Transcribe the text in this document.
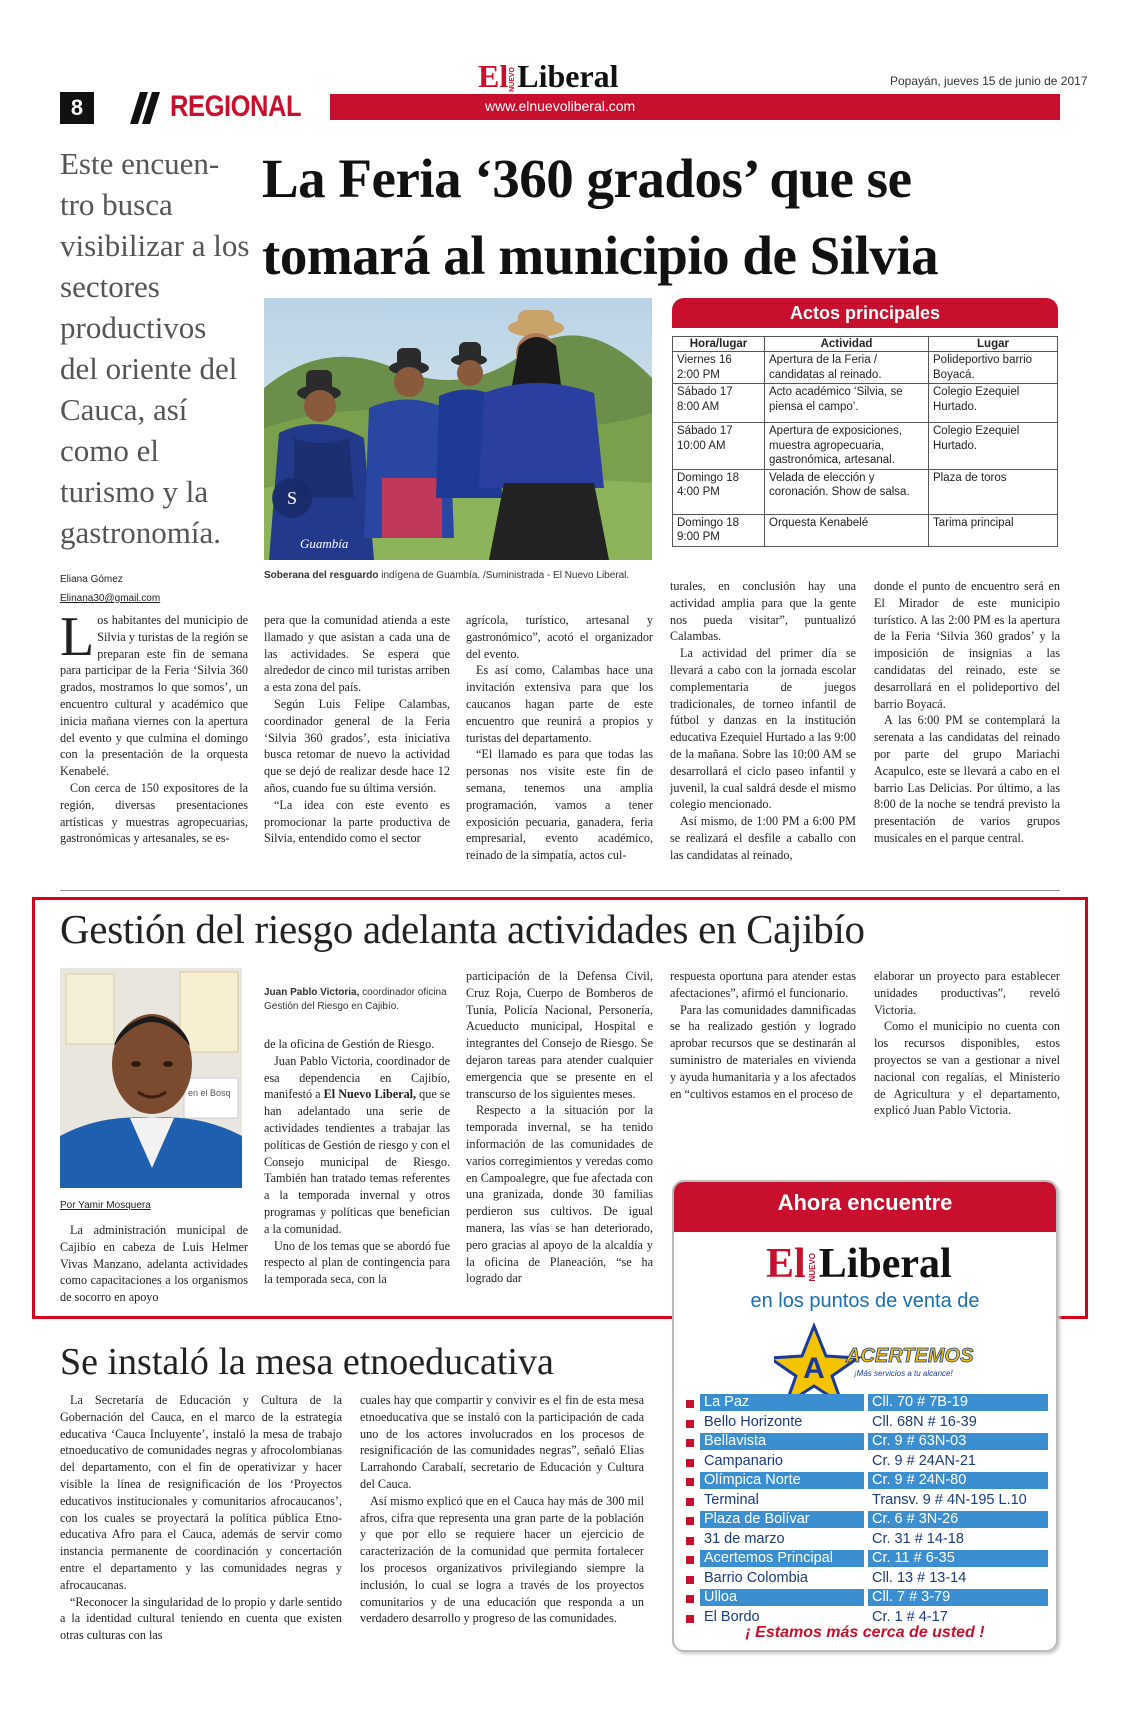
8	REGIONAL	www.elnuevoliberal.com
ElNUEVOLiberal	Popayán, jueves 15 de junio de 2017
Este encuen-tro busca visibilizar a los sectores productivos del oriente del Cauca, así como el turismo y la gastronomía.
La Feria ‘360 grados’ que se tomará al municipio de Silvia
S
Guambía
Soberana del resguardo indígena de Guambía. /Suministrada - El Nuevo Liberal.
Actos principales
Hora/lugar	Actividad	Lugar
Viernes 16
2:00 PM	Apertura de la Feria / candidatas al reinado.	Polideportivo barrio Boyacá.
Sábado 17
8:00 AM	Acto académico ‘Silvia, se piensa el campo’.	Colegio Ezequiel Hurtado.
Sábado 17
10:00 AM	Apertura de exposiciones, muestra agropecuaria, gastronómica, artesanal.	Colegio Ezequiel Hurtado.
Domingo 18
4:00 PM	Velada de elección y coronación. Show de salsa.	Plaza de toros
Domingo 18
9:00 PM	Orquesta Kenabelé	Tarima principal
Eliana Gómez
Elinana30@gmail.com
Los habitantes del municipio de Silvia y turistas de la región se preparan este fin de semana para participar de la Feria ‘Silvia 360 grados, mostramos lo que somos’, un encuentro cultural y académico que inicia mañana viernes con la apertura del evento y que culmina el domingo con la presentación de la orquesta Kenabelé.

Con cerca de 150 expositores de la región, diversas presentaciones artísticas y muestras agropecuarias, gastronómicas y artesanales, se es-

pera que la comunidad atienda a este llamado y que asistan a cada una de las actividades. Se espera que alrededor de cinco mil turistas arriben a esta zona del país.

Según Luis Felipe Calambas, coordinador general de la Feria ‘Silvia 360 grados’, esta iniciativa busca retomar de nuevo la actividad que se dejó de realizar desde hace 12 años, cuando fue su última versión.

“La idea con este evento es promocionar la parte productiva de Silvia, entendido como el sector

agrícola, turístico, artesanal y gastronómico”, acotó el organizador del evento.

Es así como, Calambas hace una invitación extensiva para que los caucanos hagan parte de este encuentro que reunirá a propios y turistas del departamento.

“El llamado es para que todas las personas nos visite este fin de semana, tenemos una amplia programación, vamos a tener exposición pecuaria, ganadera, feria empresarial, evento académico, reinado de la simpatía, actos cul-

turales, en conclusión hay una actividad amplia para que la gente nos pueda visitar”, puntualizó Calambas.

La actividad del primer día se llevará a cabo con la jornada escolar complementaria de juegos tradicionales, de torneo infantil de fútbol y danzas en la institución educativa Ezequiel Hurtado a las 9:00 de la mañana. Sobre las 10:00 AM se desarrollará el ciclo paseo infantil y juvenil, la cual saldrá desde el mismo colegio mencionado.

Así mismo, de 1:00 PM a 6:00 PM se realizará el desfile a caballo con las candidatas al reinado,

donde el punto de encuentro será en El Mirador de este municipio turístico. A las 2:00 PM es la apertura de la Feria ‘Silvia 360 grados’ y la imposición de insignias a las candidatas del reinado, este se desarrollará en el polideportivo del barrio Boyacá.

A las 6:00 PM se contemplará la serenata a las candidatas del reinado por parte del grupo Mariachi Acapulco, este se llevará a cabo en el barrio Las Delicias. Por último, a las 8:00 de la noche se tendrá previsto la presentación de varios grupos musicales en el parque central.

Gestión del riesgo adelanta actividades en Cajibío
en el Bosq
Juan Pablo Victoria, coordinador oficina Gestión del Riesgo en Cajibío.
Por Yamir Mosquera

La administración municipal de Cajibío en cabeza de Luis Helmer Vivas Manzano, adelanta actividades como capacitaciones a los organismos de socorro en apoyo

de la oficina de Gestión de Riesgo.

Juan Pablo Victoria, coordinador de esa dependencia en Cajibío, manifestó a El Nuevo Liberal, que se han adelantado una serie de actividades tendientes a trabajar las políticas de Gestión de riesgo y con el Consejo municipal de Riesgo. También han tratado temas referentes a la temporada invernal y otros programas y políticas que benefician a la comunidad.

Uno de los temas que se abordó fue respecto al plan de contingencia para la temporada seca, con la

participación de la Defensa Civil, Cruz Roja, Cuerpo de Bomberos de Tunía, Policía Nacional, Personería, Acueducto municipal, Hospital e integrantes del Consejo de Riesgo. Se dejaron tareas para atender cualquier emergencia que se presente en el transcurso de los siguientes meses.

Respecto a la situación por la temporada invernal, se ha tenido información de las comunidades de varios corregimientos y veredas como en Campoalegre, que fue afectada con una granizada, donde 30 familias perdieron sus cultivos. De igual manera, las vías se han deteriorado, pero gracias al apoyo de la alcaldía y la oficina de Planeación, “se ha logrado dar

respuesta oportuna para atender estas afectaciones”, afirmó el funcionario.

Para las comunidades damnificadas se ha realizado gestión y logrado aprobar recursos que se destinarán al suministro de materiales en vivienda y ayuda humanitaria y a los afectados en “cultivos estamos en el proceso de

elaborar un proyecto para establecer unidades productivas”, reveló Victoria.

Como el municipio no cuenta con los recursos disponibles, estos proyectos se van a gestionar a nivel nacional con regalías, el Ministerio de Agricultura y el departamento, explicó Juan Pablo Victoria.

Se instaló la mesa etnoeducativa

La Secretaría de Educación y Cultura de la Gobernación del Cauca, en el marco de la estrategia educativa ‘Cauca Incluyente’, instaló la mesa de trabajo etnoeducativo de comunidades negras y afrocolombianas del departamento, con el fin de operativizar y hacer visible la línea de resignificación de los ‘Proyectos educativos institucionales y comunitarios afrocaucanos’, con los cuales se proyectará la política pública Etno-educativa Afro para el Cauca, además de servir como instancia permanente de coordinación y concertación entre el departamento y las comunidades negras y afrocaucanas.

“Reconocer la singularidad de lo propio y darle sentido a la identidad cultural teniendo en cuenta que existen otras culturas con las

cuales hay que compartir y convivir es el fin de esta mesa etnoeducativa que se instaló con la participación de cada uno de los actores involucrados en los procesos de resignificación de las comunidades negras”, señaló Elias Larrahondo Carabalí, secretario de Educación y Cultura del Cauca.

Así mismo explicó que en el Cauca hay más de 300 mil afros, cifra que representa una gran parte de la población y que por ello se requiere hacer un ejercicio de caracterización de la comunidad que permita fortalecer los procesos organizativos privilegiando siempre la inclusión, lo cual se logra a través de los proyectos comunitarios y de una educación que responda a un verdadero desarrollo y progreso de las comunidades.

Ahora encuentre
El NUEVOLiberal
en los puntos de venta de
A ACERTEMOS
¡Más servicios a tu alcance!
La Paz	Cll. 70 # 7B-19
Bello Horizonte	Cll. 68N # 16-39
Bellavista	Cr. 9 # 63N-03
Campanario	Cr. 9 # 24AN-21
Olímpica Norte	Cr. 9 # 24N-80
Terminal	Transv. 9 # 4N-195 L.10
Plaza de Bolívar	Cr. 6 # 3N-26
31 de marzo	Cr. 31 # 14-18
Acertemos Principal	Cr. 11 # 6-35
Barrio Colombia	Cll. 13 # 13-14
Ulloa	Cll. 7 # 3-79
El Bordo	Cr. 1 # 4-17
¡ Estamos más cerca de usted !
